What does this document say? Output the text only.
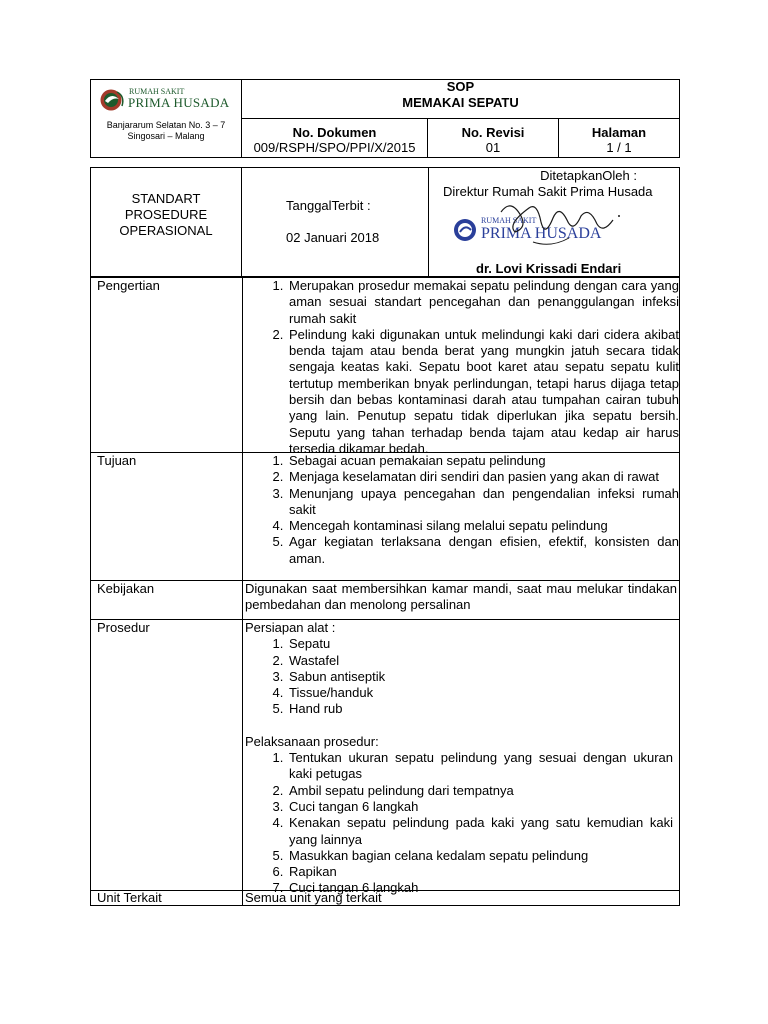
RUMAH SAKIT
PRIMA HUSADA
Banjararum Selatan No. 3 – 7
Singosari – Malang
SOP
MEMAKAI SEPATU
No. Dokumen
009/RSPH/SPO/PPI/X/2015
No. Revisi
01
Halaman
1 / 1
STANDART
PROSEDURE
OPERASIONAL
TanggalTerbit :
02 Januari 2018
DitetapkanOleh :
Direktur Rumah Sakit Prima Husada
RUMAH SAKIT
PRIMA HUSADA
dr. Lovi Krissadi Endari
Pengertian	1. Merupakan prosedur memakai sepatu pelindung dengan cara yang aman sesuai standart pencegahan dan penanggulangan infeksi rumah sakit
2. Pelindung kaki digunakan untuk melindungi kaki dari cidera akibat benda tajam atau benda berat yang mungkin jatuh secara tidak sengaja keatas kaki. Sepatu boot karet atau sepatu sepatu kulit tertutup memberikan bnyak perlindungan, tetapi harus dijaga tetap bersih dan bebas kontaminasi darah atau tumpahan cairan tubuh yang lain. Penutup sepatu tidak diperlukan jika sepatu bersih. Seputu yang tahan terhadap benda tajam atau kedap air harus tersedia dikamar bedah.
Tujuan	1. Sebagai acuan pemakaian sepatu pelindung
2. Menjaga keselamatan diri sendiri dan pasien yang akan di rawat
3. Menunjang upaya pencegahan dan pengendalian infeksi rumah sakit
4. Mencegah kontaminasi silang melalui sepatu pelindung
5. Agar kegiatan terlaksana dengan efisien, efektif, konsisten dan aman.
Kebijakan	Digunakan saat membersihkan kamar mandi, saat mau melukar tindakan pembedahan dan menolong persalinan
Prosedur	Persiapan alat :
1. Sepatu
2. Wastafel
3. Sabun antiseptik
4. Tissue/handuk
5. Hand rub
Pelaksanaan prosedur:
1. Tentukan ukuran sepatu pelindung yang sesuai dengan ukuran kaki petugas
2. Ambil sepatu pelindung dari tempatnya
3. Cuci tangan 6 langkah
4. Kenakan sepatu pelindung pada kaki yang satu kemudian kaki yang lainnya
5. Masukkan bagian celana kedalam sepatu pelindung
6. Rapikan
7. Cuci tangan 6 langkah
Unit Terkait	Semua unit yang terkait
